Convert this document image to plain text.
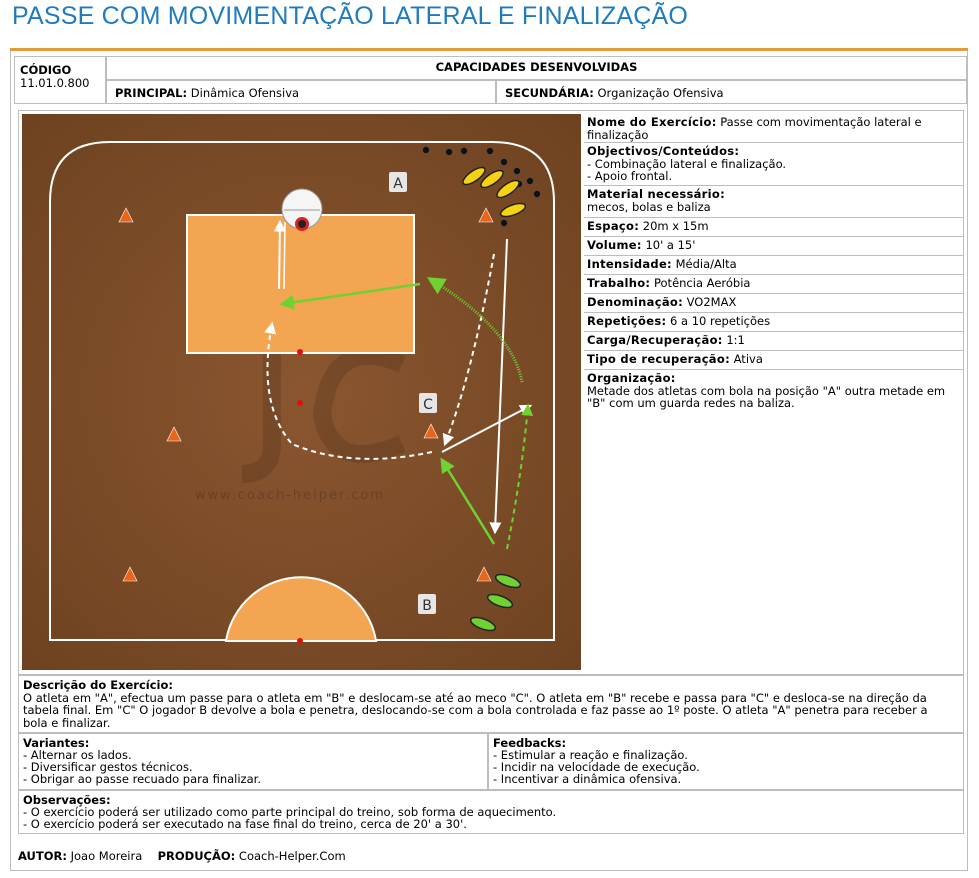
PASSE COM MOVIMENTAÇÃO LATERAL E FINALIZAÇÃO
CÓDIGO
11.01.0.800
CAPACIDADES DESENVOLVIDAS
PRINCIPAL: Dinâmica Ofensiva	SECUNDÁRIA: Organização Ofensiva
www.coach-helper.com
A
C
B
Nome do Exercício: Passe com movimentação lateral e
finalização
Objectivos/Conteúdos:
- Combinação lateral e finalização.
- Apoio frontal.
Material necessário:
mecos, bolas e baliza
Espaço: 20m x 15m
Volume: 10' a 15'
Intensidade: Média/Alta
Trabalho: Potência Aeróbia
Denominação: VO2MAX
Repetições: 6 a 10 repetições
Carga/Recuperação: 1:1
Tipo de recuperação: Ativa
Organização:
Metade dos atletas com bola na posição "A" outra metade em
"B" com um guarda redes na baliza.
Descrição do Exercício:
O atleta em "A", efectua um passe para o atleta em "B" e deslocam-se até ao meco "C". O atleta em "B" recebe e passa para "C" e desloca-se na direção da
tabela final. Em "C" O jogador B devolve a bola e penetra, deslocando-se com a bola controlada e faz passe ao 1º poste. O atleta "A" penetra para receber a
bola e finalizar.
Variantes:
- Alternar os lados.
- Diversificar gestos técnicos.
- Obrigar ao passe recuado para finalizar.
Feedbacks:
- Estimular a reação e finalização.
- Incidir na velocidade de execução.
- Incentivar a dinâmica ofensiva.
Observações:
- O exercício poderá ser utilizado como parte principal do treino, sob forma de aquecimento.
- O exercício poderá ser executado na fase final do treino, cerca de 20' a 30'.
AUTOR: Joao Moreira PRODUÇÃO: Coach-Helper.Com
